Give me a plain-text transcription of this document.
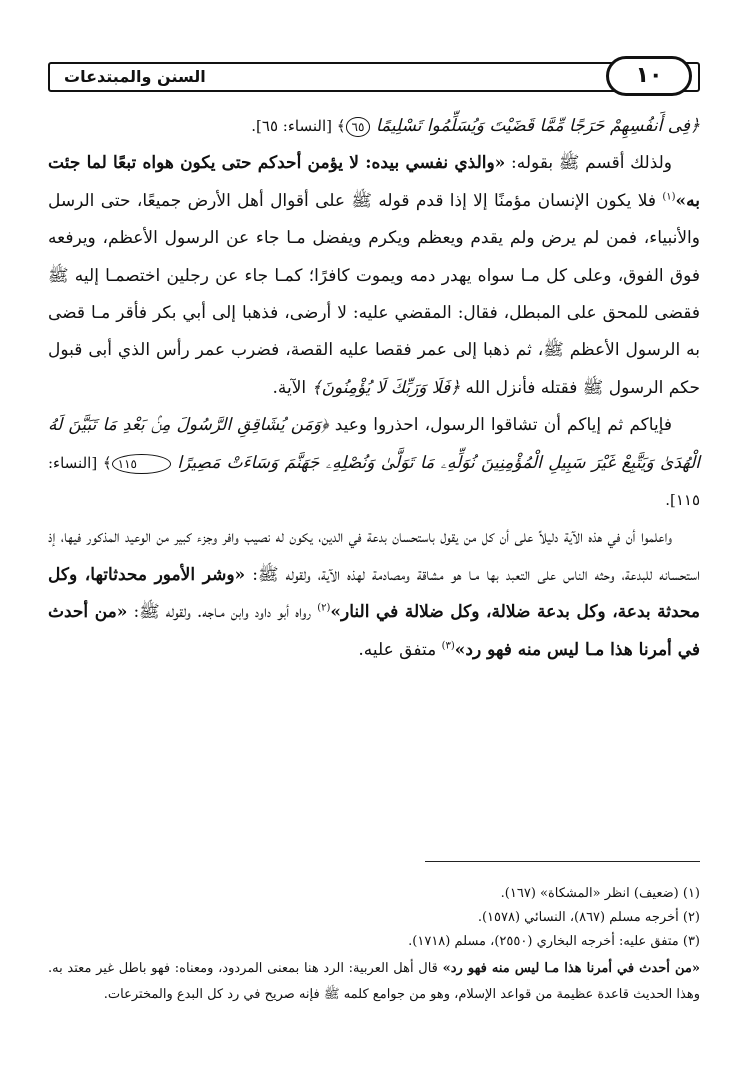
السنن والمبتدعات	١٠

﴿فِى أَنفُسِهِمْ حَرَجًا مِّمَّا قَضَيْتَ وَيُسَلِّمُوا تَسْلِيمًا ٦٥﴾ [النساء: ٦٥].

ولذلك أقسم ﷺ بقوله: «والذي نفسي بيده: لا يؤمن أحدكم حتى يكون هواه تبعًا لما جئت به»$^{(١)}$ فلا يكون الإنسان مؤمنًا إلا إذا قدم قوله ﷺ على أقوال أهل الأرض جميعًا، حتى الرسل والأنبياء، فمن لم يرض ولم يقدم ويعظم ويكرم ويفضل مـا جاء عن الرسول الأعظم، ويرفعه فوق الفوق، وعلى كل مـا سواه يهدر دمه ويموت كافرًا؛ كمـا جاء عن رجلين اختصمـا إليه ﷺ فقضى للمحق على المبطل، فقال: المقضي عليه: لا أرضى، فذهبا إلى أبي بكر فأقر مـا قضى به الرسول الأعظم ﷺ، ثم ذهبا إلى عمر فقصا عليه القصة، فضرب عمر رأس الذي أبى قبول حكم الرسول ﷺ فقتله فأنزل الله ﴿فَلَا وَرَبِّكَ لَا يُؤْمِنُونَ﴾ الآية.

فإياكم ثم إياكم أن تشاقوا الرسول، احذروا وعيد ﴿وَمَن يُشَاقِقِ الرَّسُولَ مِنۢ بَعْدِ مَا تَبَيَّنَ لَهُ الْهُدَىٰ وَيَتَّبِعْ غَيْرَ سَبِيلِ الْمُؤْمِنِينَ نُوَلِّهِۦ مَا تَوَلَّىٰ وَنُصْلِهِۦ جَهَنَّمَ وَسَاءَتْ مَصِيرًا ١١٥﴾ [النساء: ١١٥].

واعلموا أن في هذه الآية دليلاً على أن كل من يقول باستحسان بدعة في الدين، يكون له نصيب وافر وجزء كبير من الوعيد المذكور فيها، إذ استحسانه للبدعة، وحثه الناس على التعبد بها مـا هو مشاقة ومصادمة لهذه الآية، ولقوله ﷺ: «وشر الأمور محدثاتها، وكل محدثة بدعة، وكل بدعة ضلالة، وكل ضلالة في النار»$^{(٢)}$ رواه أبو داود وابن مـاجه. ولقوله ﷺ: «من أحدث في أمرنا هذا مـا ليس منه فهو رد»$^{(٣)}$ متفق عليه.

(١) (ضعيف) انظر «المشكاة» (١٦٧).

(٢) أخرجه مسلم (٨٦٧)، النسائي (١٥٧٨).

(٣) متفق عليه: أخرجه البخاري (٢٥٥٠)، مسلم (١٧١٨).

«من أحدث في أمرنا هذا مـا ليس منه فهو رد» قال أهل العربية: الرد هنا بمعنى المردود، ومعناه: فهو باطل غير معتد به. وهذا الحديث قاعدة عظيمة من قواعد الإسلام، وهو من جوامع كلمه ﷺ فإنه صريح في رد كل البدع والمخترعات.
